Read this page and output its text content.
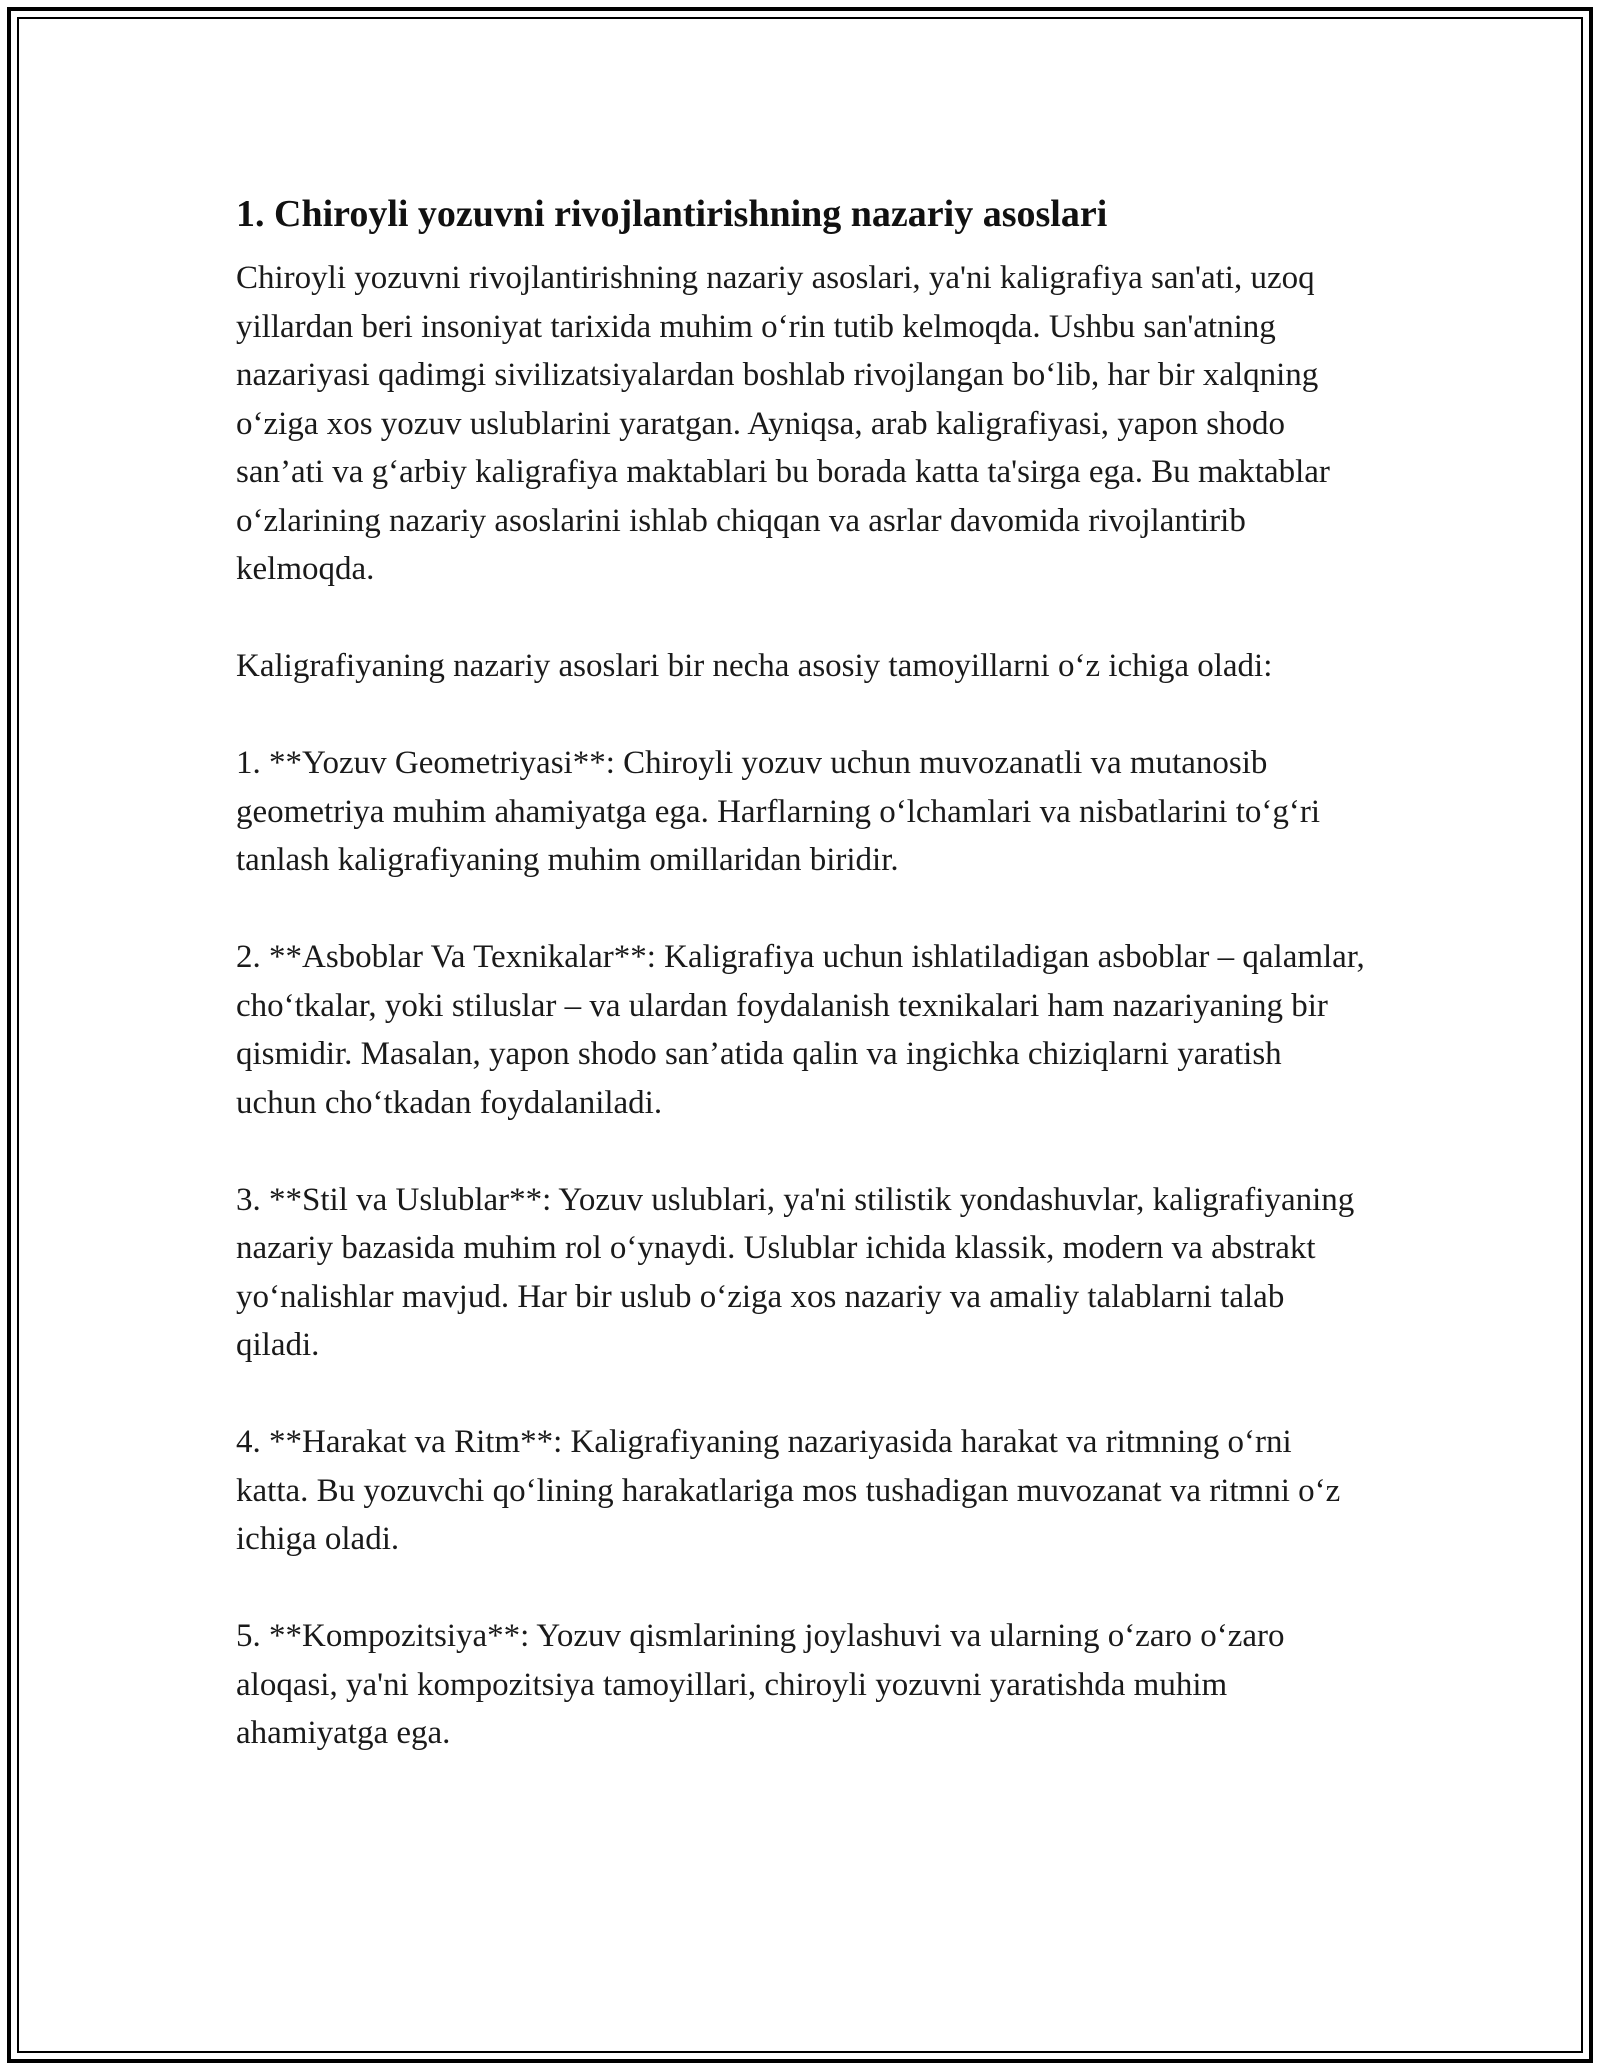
1. Chiroyli yozuvni rivojlantirishning nazariy asoslari

Chiroyli yozuvni rivojlantirishning nazariy asoslari, ya'ni kaligrafiya san'ati, uzoq yillardan beri insoniyat tarixida muhim o‘rin tutib kelmoqda. Ushbu san'atning nazariyasi qadimgi sivilizatsiyalardan boshlab rivojlangan bo‘lib, har bir xalqning o‘ziga xos yozuv uslublarini yaratgan. Ayniqsa, arab kaligrafiyasi, yapon shodo san’ati va g‘arbiy kaligrafiya maktablari bu borada katta ta'sirga ega. Bu maktablar o‘zlarining nazariy asoslarini ishlab chiqqan va asrlar davomida rivojlantirib kelmoqda.

Kaligrafiyaning nazariy asoslari bir necha asosiy tamoyillarni o‘z ichiga oladi:

1. **Yozuv Geometriyasi**: Chiroyli yozuv uchun muvozanatli va mutanosib geometriya muhim ahamiyatga ega. Harflarning o‘lchamlari va nisbatlarini to‘g‘ri tanlash kaligrafiyaning muhim omillaridan biridir.

2. **Asboblar Va Texnikalar**: Kaligrafiya uchun ishlatiladigan asboblar – qalamlar, cho‘tkalar, yoki stiluslar – va ulardan foydalanish texnikalari ham nazariyaning bir qismidir. Masalan, yapon shodo san’atida qalin va ingichka chiziqlarni yaratish uchun cho‘tkadan foydalaniladi.

3. **Stil va Uslublar**: Yozuv uslublari, ya'ni stilistik yondashuvlar, kaligrafiyaning nazariy bazasida muhim rol o‘ynaydi. Uslublar ichida klassik, modern va abstrakt yo‘nalishlar mavjud. Har bir uslub o‘ziga xos nazariy va amaliy talablarni talab qiladi.

4. **Harakat va Ritm**: Kaligrafiyaning nazariyasida harakat va ritmning o‘rni katta. Bu yozuvchi qo‘lining harakatlariga mos tushadigan muvozanat va ritmni o‘z ichiga oladi.

5. **Kompozitsiya**: Yozuv qismlarining joylashuvi va ularning o‘zaro o‘zaro aloqasi, ya'ni kompozitsiya tamoyillari, chiroyli yozuvni yaratishda muhim ahamiyatga ega.
